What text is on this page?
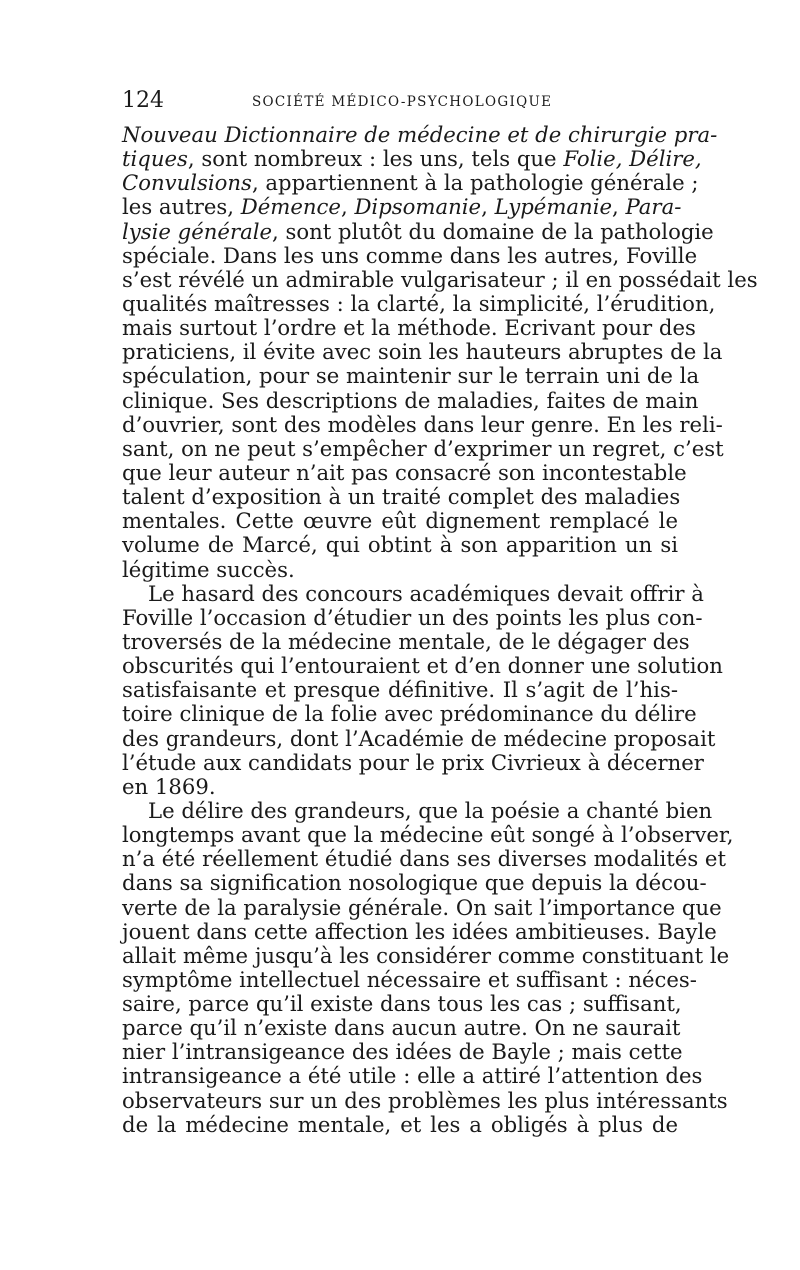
124	SOCIÉTÉ MÉDICO-PSYCHOLOGIQUE
Nouveau Dictionnaire de médecine et de chirurgie pra-
tiques, sont nombreux : les uns, tels que Folie, Délire,
Convulsions, appartiennent à la pathologie générale ;
les autres, Démence, Dipsomanie, Lypémanie, Para-
lysie générale, sont plutôt du domaine de la pathologie
spéciale. Dans les uns comme dans les autres, Foville
s’est révélé un admirable vulgarisateur ; il en possédait les
qualités maîtresses : la clarté, la simplicité, l’érudition,
mais surtout l’ordre et la méthode. Ecrivant pour des
praticiens, il évite avec soin les hauteurs abruptes de la
spéculation, pour se maintenir sur le terrain uni de la
clinique. Ses descriptions de maladies, faites de main
d’ouvrier, sont des modèles dans leur genre. En les reli-
sant, on ne peut s’empêcher d’exprimer un regret, c’est
que leur auteur n’ait pas consacré son incontestable
talent d’exposition à un traité complet des maladies
mentales. Cette œuvre eût dignement remplacé le
volume de Marcé, qui obtint à son apparition un si
légitime succès.
Le hasard des concours académiques devait offrir à
Foville l’occasion d’étudier un des points les plus con-
troversés de la médecine mentale, de le dégager des
obscurités qui l’entouraient et d’en donner une solution
satisfaisante et presque définitive. Il s’agit de l’his-
toire clinique de la folie avec prédominance du délire
des grandeurs, dont l’Académie de médecine proposait
l’étude aux candidats pour le prix Civrieux à décerner
en 1869.
Le délire des grandeurs, que la poésie a chanté bien
longtemps avant que la médecine eût songé à l’observer,
n’a été réellement étudié dans ses diverses modalités et
dans sa signification nosologique que depuis la décou-
verte de la paralysie générale. On sait l’importance que
jouent dans cette affection les idées ambitieuses. Bayle
allait même jusqu’à les considérer comme constituant le
symptôme intellectuel nécessaire et suffisant : néces-
saire, parce qu’il existe dans tous les cas ; suffisant,
parce qu’il n’existe dans aucun autre. On ne saurait
nier l’intransigeance des idées de Bayle ; mais cette
intransigeance a été utile : elle a attiré l’attention des
observateurs sur un des problèmes les plus intéressants
de la médecine mentale, et les a obligés à plus de
